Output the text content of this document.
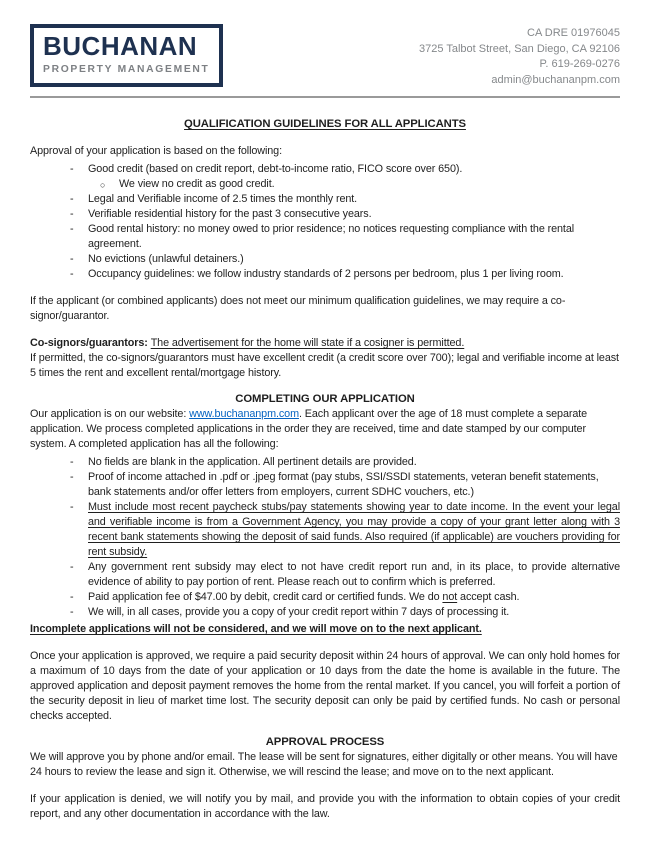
BUCHANAN
PROPERTY MANAGEMENT
CA DRE 01976045
3725 Talbot Street, San Diego, CA 92106
P. 619-269-0276
admin@buchananpm.com
QUALIFICATION GUIDELINES FOR ALL APPLICANTS

Approval of your application is based on the following:

-	Good credit (based on credit report, debt-to-income ratio, FICO score over 650).
○	We view no credit as good credit.
-	Legal and Verifiable income of 2.5 times the monthly rent.
-	Verifiable residential history for the past 3 consecutive years.
-	Good rental history: no money owed to prior residence; no notices requesting compliance with the rental agreement.
-	No evictions (unlawful detainers.)
-	Occupancy guidelines: we follow industry standards of 2 persons per bedroom, plus 1 per living room.

If the applicant (or combined applicants) does not meet our minimum qualification guidelines, we may require a co-signor/guarantor.

Co-signors/guarantors: The advertisement for the home will state if a cosigner is permitted.

If permitted, the co-signors/guarantors must have excellent credit (a credit score over 700); legal and verifiable income at least 5 times the rent and excellent rental/mortgage history.

COMPLETING OUR APPLICATION

Our application is on our website: www.buchananpm.com. Each applicant over the age of 18 must complete a separate application. We process completed applications in the order they are received, time and date stamped by our computer system. A completed application has all the following:

-	No fields are blank in the application. All pertinent details are provided.
-	Proof of income attached in .pdf or .jpeg format (pay stubs, SSI/SSDI statements, veteran benefit statements, bank statements and/or offer letters from employers, current SDHC vouchers, etc.)
-	Must include most recent paycheck stubs/pay statements showing year to date income. In the event your legal and verifiable income is from a Government Agency, you may provide a copy of your grant letter along with 3 recent bank statements showing the deposit of said funds. Also required (if applicable) are vouchers providing for rent subsidy.
-	Any government rent subsidy may elect to not have credit report run and, in its place, to provide alternative evidence of ability to pay portion of rent. Please reach out to confirm which is preferred.
-	Paid application fee of $47.00 by debit, credit card or certified funds. We do not accept cash.
-	We will, in all cases, provide you a copy of your credit report within 7 days of processing it.

Incomplete applications will not be considered, and we will move on to the next applicant.

Once your application is approved, we require a paid security deposit within 24 hours of approval. We can only hold homes for a maximum of 10 days from the date of your application or 10 days from the date the home is available in the future. The approved application and deposit payment removes the home from the rental market. If you cancel, you will forfeit a portion of the security deposit in lieu of market time lost. The security deposit can only be paid by certified funds. No cash or personal checks accepted.

APPROVAL PROCESS

We will approve you by phone and/or email. The lease will be sent for signatures, either digitally or other means. You will have 24 hours to review the lease and sign it. Otherwise, we will rescind the lease; and move on to the next applicant.

If your application is denied, we will notify you by mail, and provide you with the information to obtain copies of your credit report, and any other documentation in accordance with the law.
